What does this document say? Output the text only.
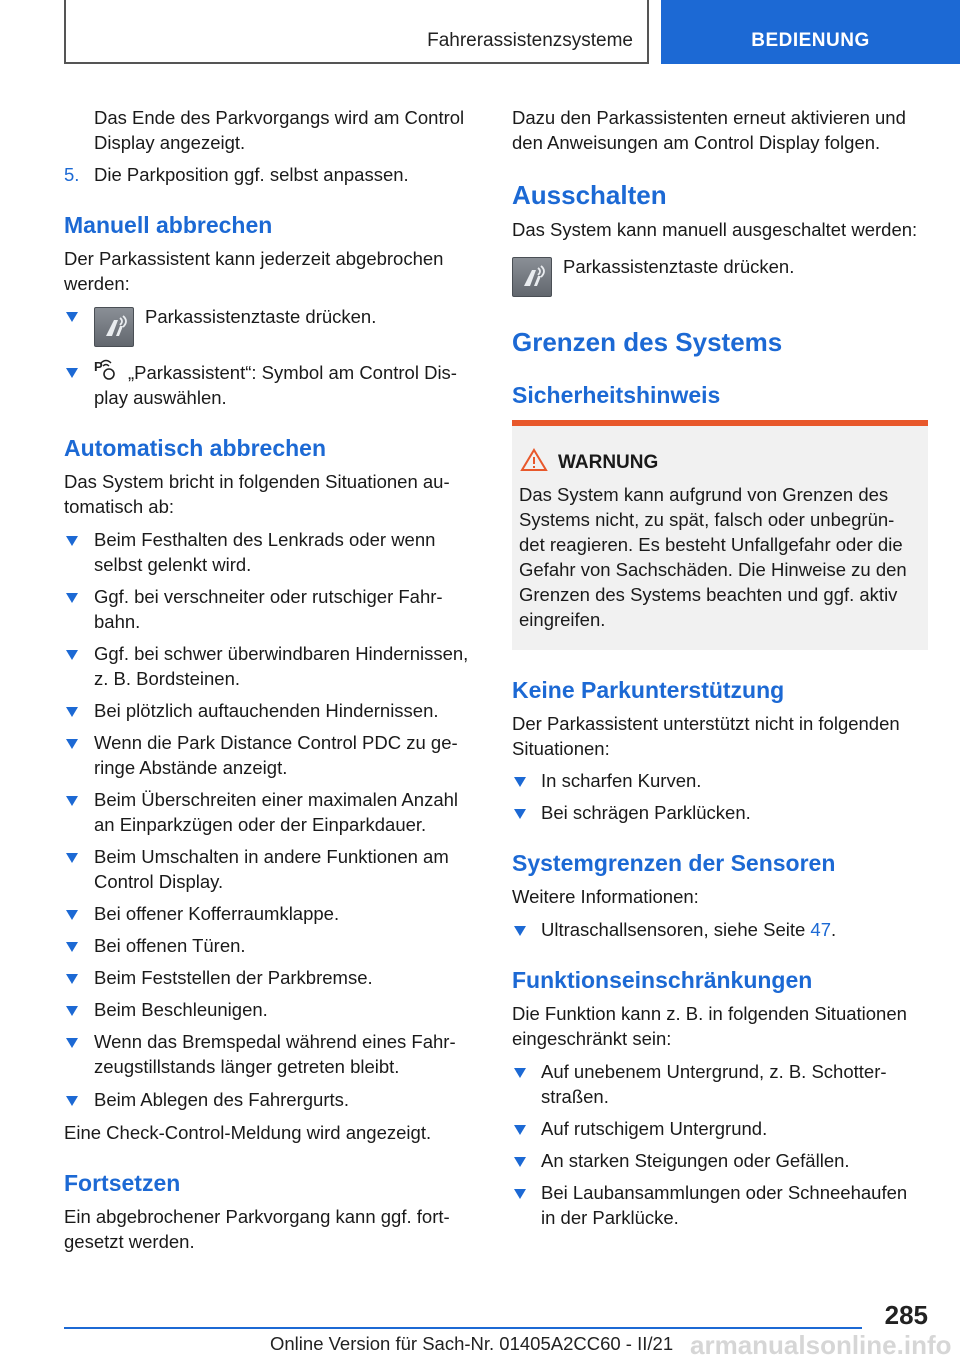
Fahrerassistenzsysteme	BEDIENUNG
Das Ende des Parkvorgangs wird am Control
Display angezeigt.
5. Die Parkposition ggf. selbst anpassen.
Manuell abbrechen
Der Parkassistent kann jederzeit abgebrochen
werden:
Parkassistenztaste drücken.
P „Parkassistent“: Symbol am Control Dis-
play auswählen.
Automatisch abbrechen
Das System bricht in folgenden Situationen au-
tomatisch ab:
Beim Festhalten des Lenkrads oder wenn
selbst gelenkt wird.
Ggf. bei verschneiter oder rutschiger Fahr-
bahn.
Ggf. bei schwer überwindbaren Hindernissen,
z. B. Bordsteinen.
Bei plötzlich auftauchenden Hindernissen.
Wenn die Park Distance Control PDC zu ge-
ringe Abstände anzeigt.
Beim Überschreiten einer maximalen Anzahl
an Einparkzügen oder der Einparkdauer.
Beim Umschalten in andere Funktionen am
Control Display.
Bei offener Kofferraumklappe.
Bei offenen Türen.
Beim Feststellen der Parkbremse.
Beim Beschleunigen.
Wenn das Bremspedal während eines Fahr-
zeugstillstands länger getreten bleibt.
Beim Ablegen des Fahrergurts.
Eine Check-Control-Meldung wird angezeigt.
Fortsetzen
Ein abgebrochener Parkvorgang kann ggf. fort-
gesetzt werden.
Dazu den Parkassistenten erneut aktivieren und
den Anweisungen am Control Display folgen.
Ausschalten
Das System kann manuell ausgeschaltet werden:
Parkassistenztaste drücken.
Grenzen des Systems
Sicherheitshinweis
WARNUNG
Das System kann aufgrund von Grenzen des
Systems nicht, zu spät, falsch oder unbegrün-
det reagieren. Es besteht Unfallgefahr oder die
Gefahr von Sachschäden. Die Hinweise zu den
Grenzen des Systems beachten und ggf. aktiv
eingreifen.
Keine Parkunterstützung
Der Parkassistent unterstützt nicht in folgenden
Situationen:
In scharfen Kurven.
Bei schrägen Parklücken.
Systemgrenzen der Sensoren
Weitere Informationen:
Ultraschallsensoren, siehe Seite 47.
Funktionseinschränkungen
Die Funktion kann z. B. in folgenden Situationen
eingeschränkt sein:
Auf unebenem Untergrund, z. B. Schotter-
straßen.
Auf rutschigem Untergrund.
An starken Steigungen oder Gefällen.
Bei Laubansammlungen oder Schneehaufen
in der Parklücke.
285
Online Version für Sach-Nr. 01405A2CC60 - II/21 armanualsonline.info
